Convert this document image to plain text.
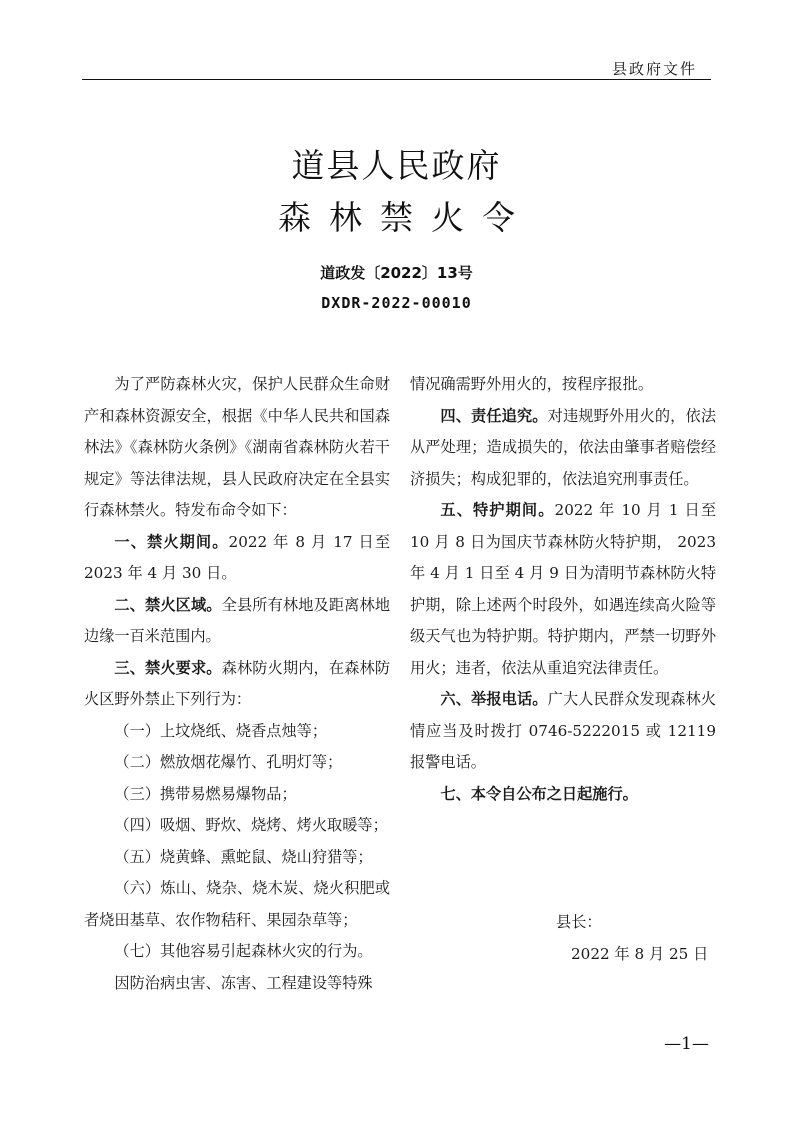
县政府文件
道县人民政府
森林禁火令
道政发〔2022〕13号
DXDR-2022-00010

为了严防森林火灾，保护人民群众生命财产和森林资源安全，根据《中华人民共和国森林法》《森林防火条例》《湖南省森林防火若干规定》等法律法规，县人民政府决定在全县实行森林禁火。特发布命令如下：

一、禁火期间。2022 年 8 月 17 日至 2023 年 4 月 30 日。

二、禁火区域。全县所有林地及距离林地边缘一百米范围内。

三、禁火要求。森林防火期内，在森林防火区野外禁止下列行为：

（一）上坟烧纸、烧香点烛等；

（二）燃放烟花爆竹、孔明灯等；

（三）携带易燃易爆物品；

（四）吸烟、野炊、烧烤、烤火取暖等；

（五）烧黄蜂、熏蛇鼠、烧山狩猎等；

（六）炼山、烧杂、烧木炭、烧火积肥或者烧田基草、农作物秸秆、果园杂草等；

（七）其他容易引起森林火灾的行为。

因防治病虫害、冻害、工程建设等特殊

情况确需野外用火的，按程序报批。

四、责任追究。对违规野外用火的，依法从严处理；造成损失的，依法由肇事者赔偿经济损失；构成犯罪的，依法追究刑事责任。

五、特护期间。2022 年 10 月 1 日至 10 月 8 日为国庆节森林防火特护期， 2023 年 4 月 1 日至 4 月 9 日为清明节森林防火特护期，除上述两个时段外，如遇连续高火险等级天气也为特护期。特护期内，严禁一切野外用火；违者，依法从重追究法律责任。

六、举报电话。广大人民群众发现森林火情应当及时拨打 0746-5222015 或 12119 报警电话。

七、本令自公布之日起施行。

县长：
2022 年 8 月 25 日
—1—
